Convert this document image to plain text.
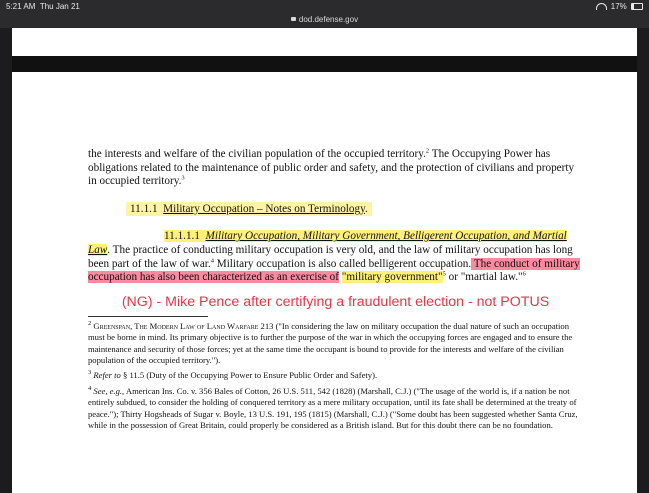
5:21 AM Thu Jan 21	17%
dod.defense.gov

the interests and welfare of the civilian population of the occupied territory.$^2$ The Occupying Power has obligations related to the maintenance of public order and safety, and the protection of civilians and property in occupied territory.$^3$

11.1.1 Military Occupation – Notes on Terminology.

11.1.1.1 Military Occupation, Military Government, Belligerent Occupation, and Martial Law. The practice of conducting military occupation is very old, and the law of military occupation has long been part of the law of war.$^4$ Military occupation is also called belligerent occupation. The conduct of military occupation has also been characterized as an exercise of "military government"$^5$ or "martial law."$^6$

(NG) - Mike Pence after certifying a fraudulent election - not POTUS

$^2$ Greenspan, The Modern Law of Land Warfare 213 ("In considering the law on military occupation the dual nature of such an occupation must be borne in mind. Its primary objective is to further the purpose of the war in which the occupying forces are engaged and to ensure the maintenance and security of those forces; yet at the same time the occupant is bound to provide for the interests and welfare of the civilian population of the occupied territory.").

$^3$ Refer to § 11.5 (Duty of the Occupying Power to Ensure Public Order and Safety).

$^4$ See, e.g., American Ins. Co. v. 356 Bales of Cotton, 26 U.S. 511, 542 (1828) (Marshall, C.J.) ("The usage of the world is, if a nation be not entirely subdued, to consider the holding of conquered territory as a mere military occupation, until its fate shall be determined at the treaty of peace."); Thirty Hogsheads of Sugar v. Boyle, 13 U.S. 191, 195 (1815) (Marshall, C.J.) ("Some doubt has been suggested whether Santa Cruz, while in the possession of Great Britain, could properly be considered as a British island. But for this doubt there can be no foundation.
